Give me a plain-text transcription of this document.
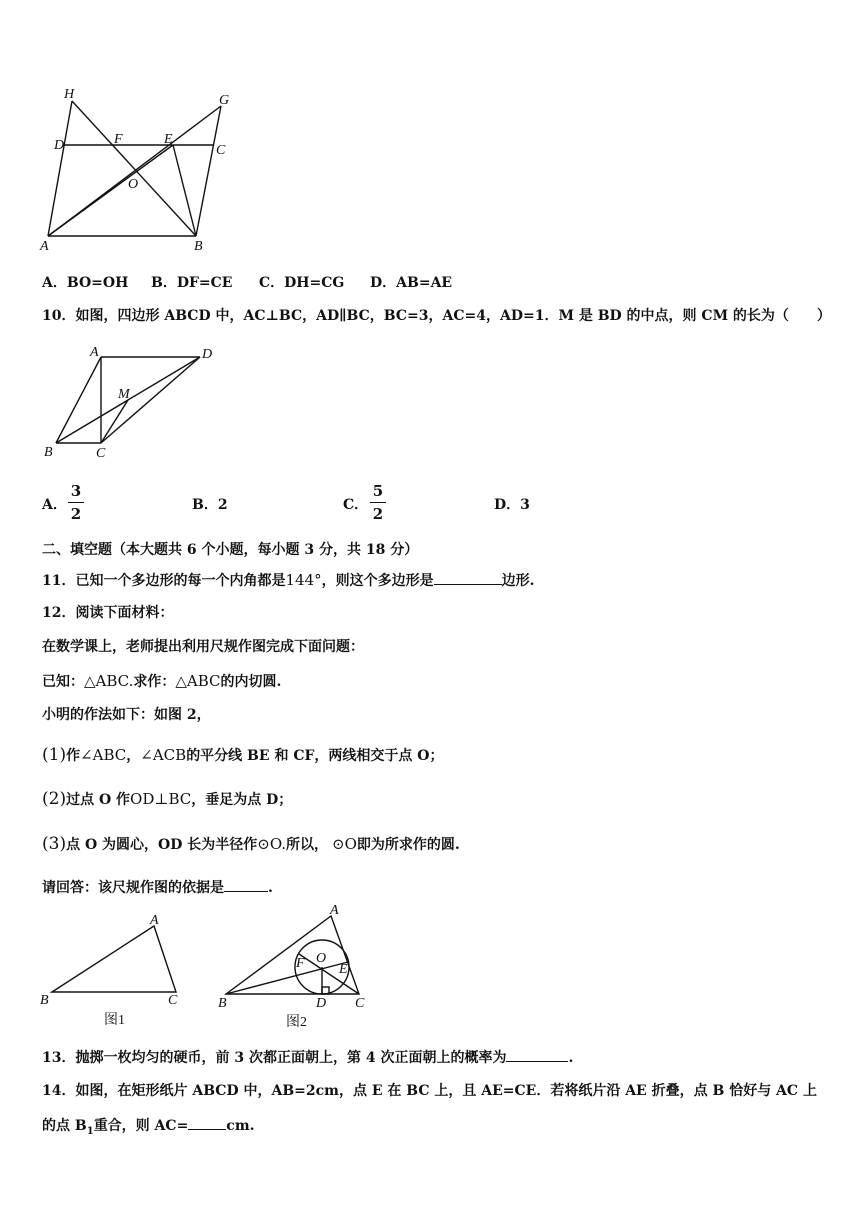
H	G
D	F	E
C
O
A	B
A．BO=OH B．DF=CE C．DH=CG D．AB=AE
10．如图，四边形 ABCD 中，AC⊥BC，AD∥BC，BC=3，AC=4，AD=1．M 是 BD 的中点，则 CM 的长为（　　）
A	D
M
B	C
A．
3
2	B．2	C．
5
2	D．3
二、填空题（本大题共 6 个小题，每小题 3 分，共 18 分）
11．已知一个多边形的每一个内角都是144°，则这个多边形是	边形.
12．阅读下面材料：
在数学课上，老师提出利用尺规作图完成下面问题：
已知：△ABC.求作：△ABC的内切圆.
小明的作法如下：如图 2，
(1)作∠ABC，∠ACB的平分线 BE 和 CF，两线相交于点 O；
(2)过点 O 作OD⊥BC，垂足为点 D；
(3)点 O 为圆心，OD 长为半径作⊙O.所以， ⊙O即为所求作的圆.
请回答：该尺规作图的依据是	.
A
B	C
图1
A
O
F E
B	D C
图2
13．抛掷一枚均匀的硬币，前 3 次都正面朝上，第 4 次正面朝上的概率为	.
14．如图，在矩形纸片 ABCD 中，AB=2cm，点 E 在 BC 上，且 AE=CE．若将纸片沿 AE 折叠，点 B 恰好与 AC 上
的点 $B_1$重合，则 AC=	cm.
